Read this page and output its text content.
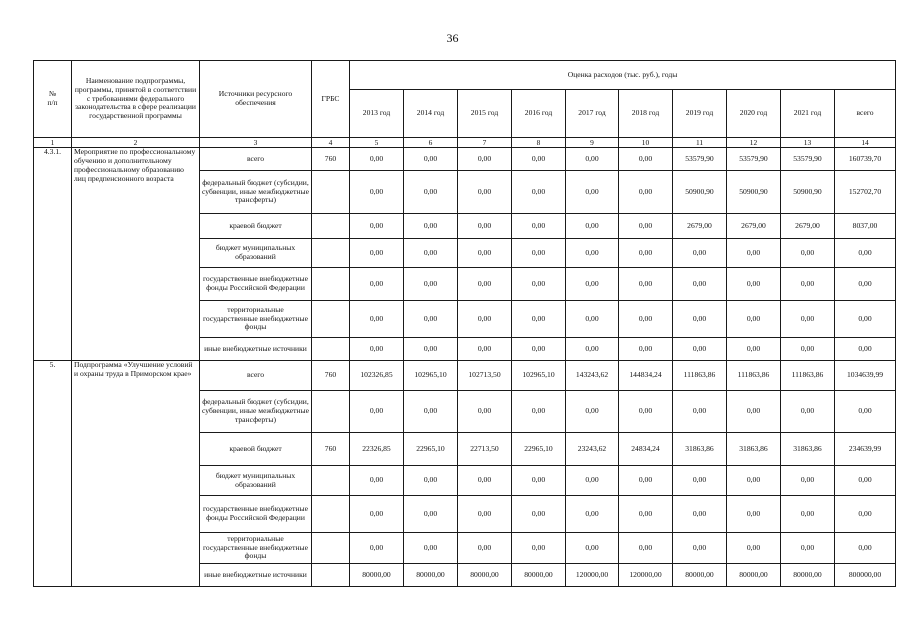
36
№
п/п	Наименование подпрограммы, программы, принятой в соответствии с требованиями федерального законодательства в сфере реализации государственной программы	Источники ресурсного обеспечения	ГРБС	Оценка расходов (тыс. руб.), годы									
				2013 год	2014 год	2015 год	2016 год	2017 год	2018 год	2019 год	2020 год	2021 год	всего
1	2	3	4	5	6	7	8	9	10	11	12	13	14
4.3.1.	Мероприятие по профессиональному обучению и дополнительному профессиональному образованию лиц предпенсионного возраста	всего	760	0,00	0,00	0,00	0,00	0,00	0,00	53579,90	53579,90	53579,90	160739,70
		федеральный бюджет (субсидии, субвенции, иные межбюджетные трансферты)		0,00	0,00	0,00	0,00	0,00	0,00	50900,90	50900,90	50900,90	152702,70
		краевой бюджет		0,00	0,00	0,00	0,00	0,00	0,00	2679,00	2679,00	2679,00	8037,00
		бюджет муниципальных образований		0,00	0,00	0,00	0,00	0,00	0,00	0,00	0,00	0,00	0,00
		государственные внебюджетные фонды Российской Федерации		0,00	0,00	0,00	0,00	0,00	0,00	0,00	0,00	0,00	0,00
		территориальные государственные внебюджетные фонды		0,00	0,00	0,00	0,00	0,00	0,00	0,00	0,00	0,00	0,00
		иные внебюджетные источники		0,00	0,00	0,00	0,00	0,00	0,00	0,00	0,00	0,00	0,00
5.	Подпрограмма «Улучшение условий и охраны труда в Приморском крае»	всего	760	102326,85	102965,10	102713,50	102965,10	143243,62	144834,24	111863,86	111863,86	111863,86	1034639,99
		федеральный бюджет (субсидии, субвенции, иные межбюджетные трансферты)		0,00	0,00	0,00	0,00	0,00	0,00	0,00	0,00	0,00	0,00
		краевой бюджет	760	22326,85	22965,10	22713,50	22965,10	23243,62	24834,24	31863,86	31863,86	31863,86	234639,99
		бюджет муниципальных образований		0,00	0,00	0,00	0,00	0,00	0,00	0,00	0,00	0,00	0,00
		государственные внебюджетные фонды Российской Федерации		0,00	0,00	0,00	0,00	0,00	0,00	0,00	0,00	0,00	0,00
		территориальные государственные внебюджетные фонды		0,00	0,00	0,00	0,00	0,00	0,00	0,00	0,00	0,00	0,00
		иные внебюджетные источники		80000,00	80000,00	80000,00	80000,00	120000,00	120000,00	80000,00	80000,00	80000,00	800000,00
